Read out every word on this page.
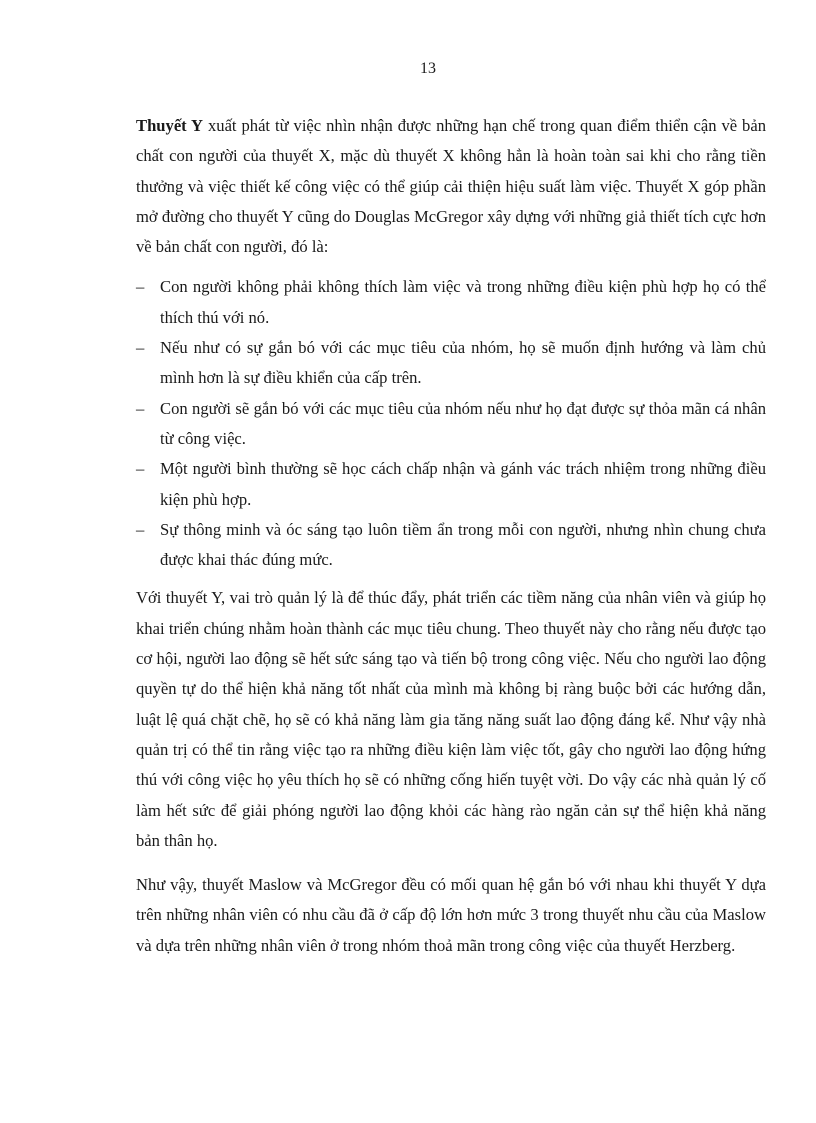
13

Thuyết Y xuất phát từ việc nhìn nhận được những hạn chế trong quan điểm thiển cận về bản chất con người của thuyết X, mặc dù thuyết X không hẳn là hoàn toàn sai khi cho rằng tiền thưởng và việc thiết kế công việc có thể giúp cải thiện hiệu suất làm việc. Thuyết X góp phần mở đường cho thuyết Y cũng do Douglas McGregor xây dựng với những giả thiết tích cực hơn về bản chất con người, đó là:

– Con người không phải không thích làm việc và trong những điều kiện phù hợp họ có thể thích thú với nó.
– Nếu như có sự gắn bó với các mục tiêu của nhóm, họ sẽ muốn định hướng và làm chủ mình hơn là sự điều khiển của cấp trên.
– Con người sẽ gắn bó với các mục tiêu của nhóm nếu như họ đạt được sự thỏa mãn cá nhân từ công việc.
– Một người bình thường sẽ học cách chấp nhận và gánh vác trách nhiệm trong những điều kiện phù hợp.
– Sự thông minh và óc sáng tạo luôn tiềm ẩn trong mỗi con người, nhưng nhìn chung chưa được khai thác đúng mức.

Với thuyết Y, vai trò quản lý là để thúc đẩy, phát triển các tiềm năng của nhân viên và giúp họ khai triển chúng nhằm hoàn thành các mục tiêu chung. Theo thuyết này cho rằng nếu được tạo cơ hội, người lao động sẽ hết sức sáng tạo và tiến bộ trong công việc. Nếu cho người lao động quyền tự do thể hiện khả năng tốt nhất của mình mà không bị ràng buộc bởi các hướng dẫn, luật lệ quá chặt chẽ, họ sẽ có khả năng làm gia tăng năng suất lao động đáng kể. Như vậy nhà quản trị có thể tin rằng việc tạo ra những điều kiện làm việc tốt, gây cho người lao động hứng thú với công việc họ yêu thích họ sẽ có những cống hiến tuyệt vời. Do vậy các nhà quản lý cố làm hết sức để giải phóng người lao động khỏi các hàng rào ngăn cản sự thể hiện khả năng bản thân họ.

Như vậy, thuyết Maslow và McGregor đều có mối quan hệ gắn bó với nhau khi thuyết Y dựa trên những nhân viên có nhu cầu đã ở cấp độ lớn hơn mức 3 trong thuyết nhu cầu của Maslow và dựa trên những nhân viên ở trong nhóm thoả mãn trong công việc của thuyết Herzberg.
